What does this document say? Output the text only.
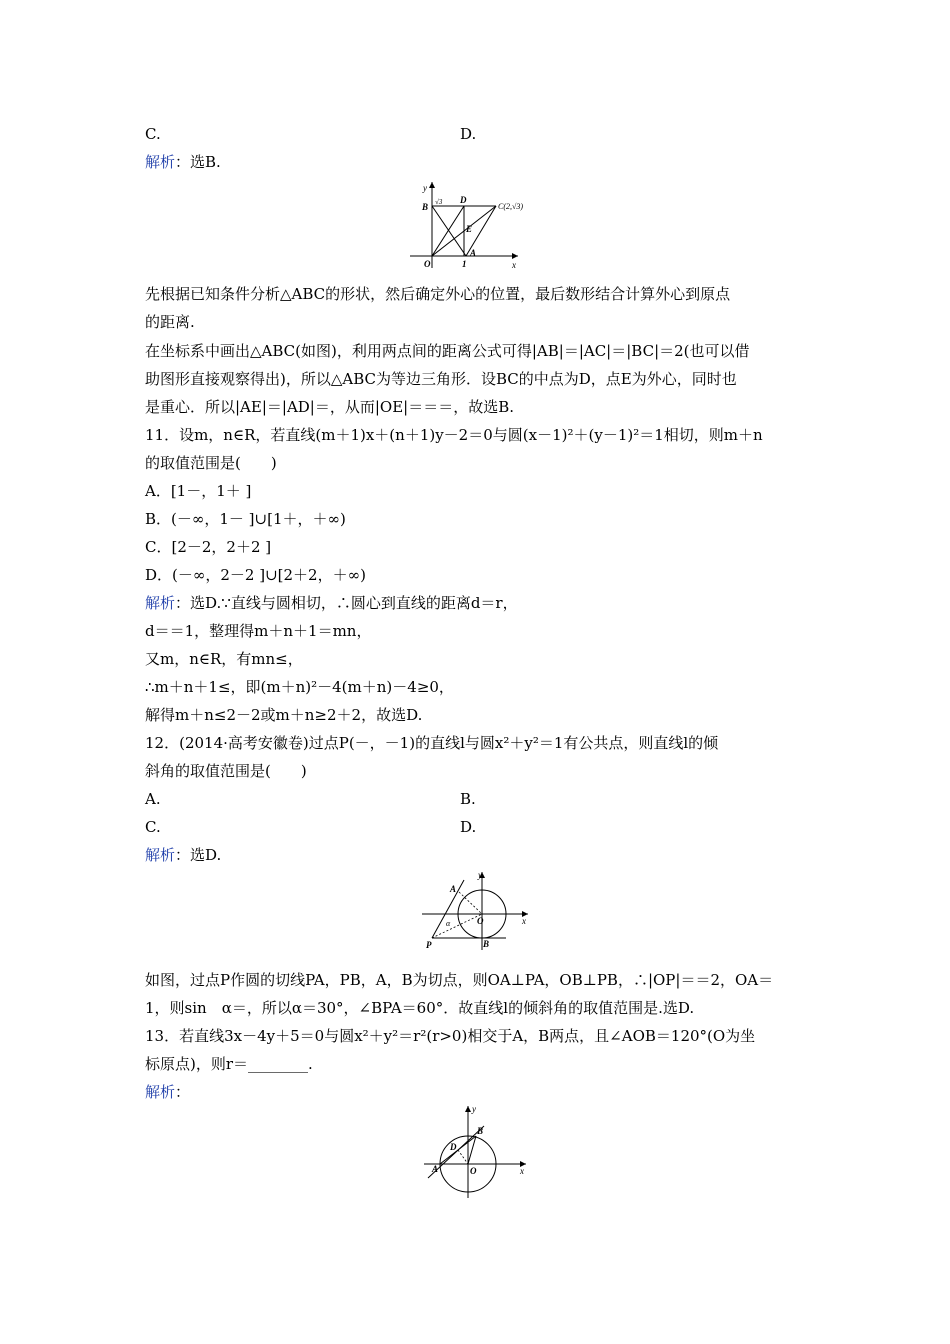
C.	D.
解析：选B.
y
x
B √3 D
C(2,√3)
E
A
O	1
先根据已知条件分析△ABC的形状，然后确定外心的位置，最后数形结合计算外心到原点
的距离.
在坐标系中画出△ABC(如图)，利用两点间的距离公式可得|AB|＝|AC|＝|BC|＝2(也可以借
助图形直接观察得出)，所以△ABC为等边三角形．设BC的中点为D，点E为外心，同时也
是重心．所以|AE|＝|AD|＝，从而|OE|＝＝＝，故选B.
11．设m，n∈R，若直线(m＋1)x＋(n＋1)y－2＝0与圆(x－1)²＋(y－1)²＝1相切，则m＋n
的取值范围是(　　)
A．[1－，1＋ ]
B．(－∞，1－ ]∪[1＋，＋∞)
C．[2－2，2＋2 ]
D．(－∞，2－2 ]∪[2＋2，＋∞)
解析：选D.∵直线与圆相切，∴圆心到直线的距离d＝r，
d＝＝1，整理得m＋n＋1＝mn，
又m，n∈R，有mn≤，
∴m＋n＋1≤，即(m＋n)²－4(m＋n)－4≥0，
解得m＋n≤2－2或m＋n≥2＋2，故选D.
12．(2014·高考安徽卷)过点P(－，－1)的直线l与圆x²＋y²＝1有公共点，则直线l的倾
斜角的取值范围是(　　)
A.	B.
C.	D.
解析：选D.
y
x
A
B
O
P
α
如图，过点P作圆的切线PA，PB，A，B为切点，则OA⊥PA，OB⊥PB，∴|OP|＝＝2，OA＝
1，则sin　α＝，所以α＝30°，∠BPA＝60°．故直线l的倾斜角的取值范围是.选D.
13．若直线3x－4y＋5＝0与圆x²＋y²＝r²(r>0)相交于A，B两点，且∠AOB＝120°(O为坐
标原点)，则r＝________.
解析：
y
x
A
B
D
O
